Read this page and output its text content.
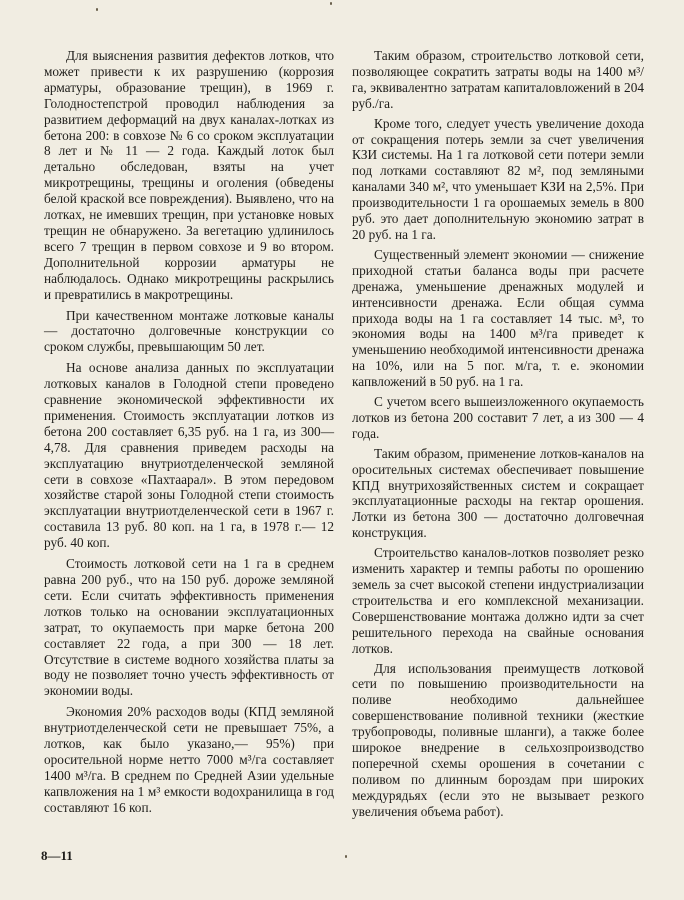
Для выяснения развития дефектов лотков, что может привести к их разрушению (коррозия арматуры, образование трещин), в 1969 г. Голодностепстрой проводил наблюдения за развитием деформаций на двух каналах-лотках из бетона 200: в совхозе № 6 со сроком эксплуатации 8 лет и № 11 — 2 года. Каждый лоток был детально обследован, взяты на учет микротрещины, трещины и оголения (обведены белой краской все повреждения). Выявлено, что на лотках, не имевших трещин, при установке новых трещин не обнаружено. За вегетацию удлинилось всего 7 трещин в первом совхозе и 9 во втором. Дополнительной коррозии арматуры не наблюдалось. Однако микротрещины раскрылись и превратились в макротрещины.

При качественном монтаже лотковые каналы — достаточно долговечные конструкции со сроком службы, превышающим 50 лет.

На основе анализа данных по эксплуатации лотковых каналов в Голодной степи проведено сравнение экономической эффективности их применения. Стоимость эксплуатации лотков из бетона 200 составляет 6,35 руб. на 1 га, из 300—4,78. Для сравнения приведем расходы на эксплуатацию внутриотделенческой земляной сети в совхозе «Пахтаарал». В этом передовом хозяйстве старой зоны Голодной степи стоимость эксплуатации внутриотделенческой сети в 1967 г. составила 13 руб. 80 коп. на 1 га, в 1978 г.— 12 руб. 40 коп.

Стоимость лотковой сети на 1 га в среднем равна 200 руб., что на 150 руб. дороже земляной сети. Если считать эффективность применения лотков только на основании эксплуатационных затрат, то окупаемость при марке бетона 200 составляет 22 года, а при 300 — 18 лет. Отсутствие в системе водного хозяйства платы за воду не позволяет точно учесть эффективность от экономии воды.

Экономия 20% расходов воды (КПД земляной внутриотделенческой сети не превышает 75%, а лотков, как было указано,— 95%) при оросительной норме нетто 7000 м³/га составляет 1400 м³/га. В среднем по Средней Азии удельные капвложения на 1 м³ емкости водохранилища в год составляют 16 коп.

Таким образом, строительство лотковой сети, позволяющее сократить затраты воды на 1400 м³/га, эквивалентно затратам капиталовложений в 204 руб./га.

Кроме того, следует учесть увеличение дохода от сокращения потерь земли за счет увеличения КЗИ системы. На 1 га лотковой сети потери земли под лотками составляют 82 м², под земляными каналами 340 м², что уменьшает КЗИ на 2,5%. При производительности 1 га орошаемых земель в 800 руб. это дает дополнительную экономию затрат в 20 руб. на 1 га.

Существенный элемент экономии — снижение приходной статьи баланса воды при расчете дренажа, уменьшение дренажных модулей и интенсивности дренажа. Если общая сумма прихода воды на 1 га составляет 14 тыс. м³, то экономия воды на 1400 м³/га приведет к уменьшению необходимой интенсивности дренажа на 10%, или на 5 пог. м/га, т. е. экономии капвложений в 50 руб. на 1 га.

С учетом всего вышеизложенного окупаемость лотков из бетона 200 составит 7 лет, а из 300 — 4 года.

Таким образом, применение лотков-каналов на оросительных системах обеспечивает повышение КПД внутрихозяйственных систем и сокращает эксплуатационные расходы на гектар орошения. Лотки из бетона 300 — достаточно долговечная конструкция.

Строительство каналов-лотков позволяет резко изменить характер и темпы работы по орошению земель за счет высокой степени индустриализации строительства и его комплексной механизации. Совершенствование монтажа должно идти за счет решительного перехода на свайные основания лотков.

Для использования преимуществ лотковой сети по повышению производительности на поливе необходимо дальнейшее совершенствование поливной техники (жесткие трубопроводы, поливные шланги), а также более широкое внедрение в сельхозпроизводство поперечной схемы орошения в сочетании с поливом по длинным бороздам при широких междурядьях (если это не вызывает резкого увеличения объема работ).

8—11
